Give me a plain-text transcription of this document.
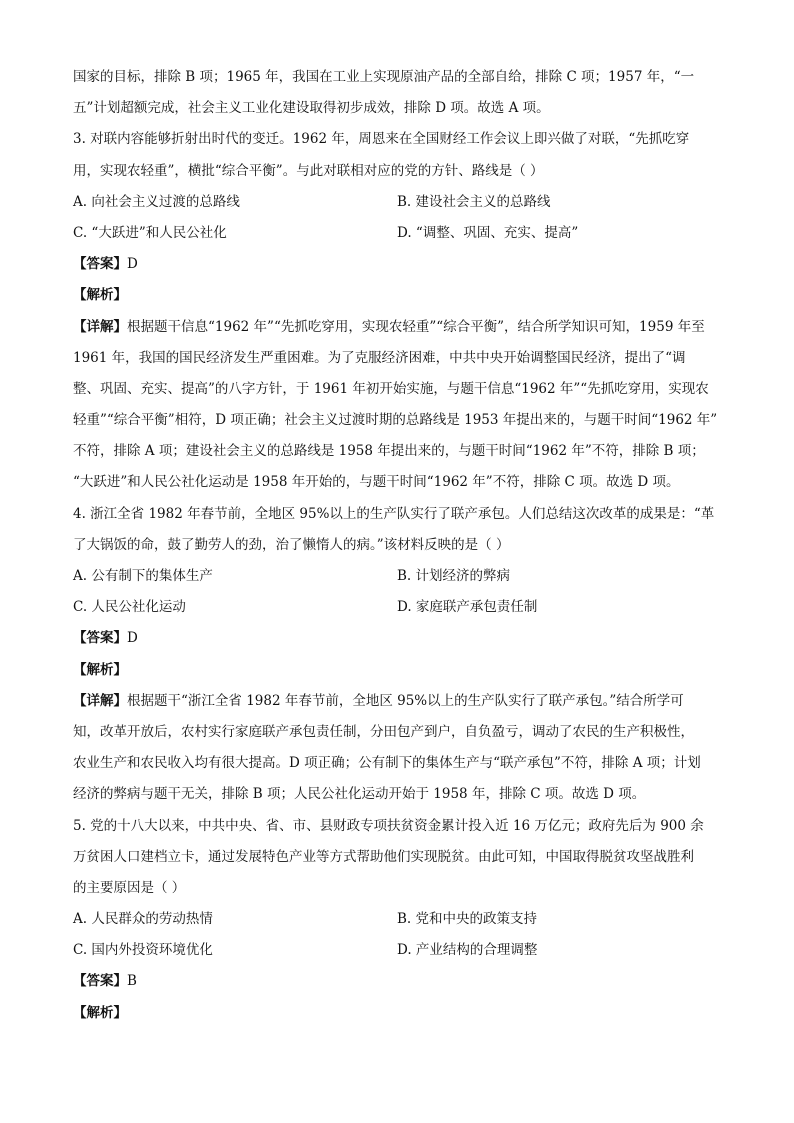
国家的目标，排除 B 项；1965 年，我国在工业上实现原油产品的全部自给，排除 C 项；1957 年，“一
五”计划超额完成，社会主义工业化建设取得初步成效，排除 D 项。故选 A 项。
3. 对联内容能够折射出时代的变迁。1962 年，周恩来在全国财经工作会议上即兴做了对联，“先抓吃穿
用，实现农轻重”，横批“综合平衡”。与此对联相对应的党的方针、路线是（ ）
A. 向社会主义过渡的总路线	B. 建设社会主义的总路线
C. “大跃进”和人民公社化	D. “调整、巩固、充实、提高”
【答案】D
【解析】
【详解】根据题干信息“1962 年”“先抓吃穿用，实现农轻重”“综合平衡”，结合所学知识可知，1959 年至
1961 年，我国的国民经济发生严重困难。为了克服经济困难，中共中央开始调整国民经济，提出了“调
整、巩固、充实、提高”的八字方针，于 1961 年初开始实施，与题干信息“1962 年”“先抓吃穿用，实现农
轻重”“综合平衡”相符，D 项正确；社会主义过渡时期的总路线是 1953 年提出来的，与题干时间“1962 年”
不符，排除 A 项；建设社会主义的总路线是 1958 年提出来的，与题干时间“1962 年”不符，排除 B 项；
“大跃进”和人民公社化运动是 1958 年开始的，与题干时间“1962 年”不符，排除 C 项。故选 D 项。
4. 浙江全省 1982 年春节前，全地区 95%以上的生产队实行了联产承包。人们总结这次改革的成果是：“革
了大锅饭的命，鼓了勤劳人的劲，治了懒惰人的病。”该材料反映的是（ ）
A. 公有制下的集体生产	B. 计划经济的弊病
C. 人民公社化运动	D. 家庭联产承包责任制
【答案】D
【解析】
【详解】根据题干“浙江全省 1982 年春节前，全地区 95%以上的生产队实行了联产承包。”结合所学可
知，改革开放后，农村实行家庭联产承包责任制，分田包产到户，自负盈亏，调动了农民的生产积极性，
农业生产和农民收入均有很大提高。D 项正确；公有制下的集体生产与“联产承包”不符，排除 A 项；计划
经济的弊病与题干无关，排除 B 项；人民公社化运动开始于 1958 年，排除 C 项。故选 D 项。
5. 党的十八大以来，中共中央、省、市、县财政专项扶贫资金累计投入近 16 万亿元；政府先后为 900 余
万贫困人口建档立卡，通过发展特色产业等方式帮助他们实现脱贫。由此可知，中国取得脱贫攻坚战胜利
的主要原因是（ ）
A. 人民群众的劳动热情	B. 党和中央的政策支持
C. 国内外投资环境优化	D. 产业结构的合理调整
【答案】B
【解析】
